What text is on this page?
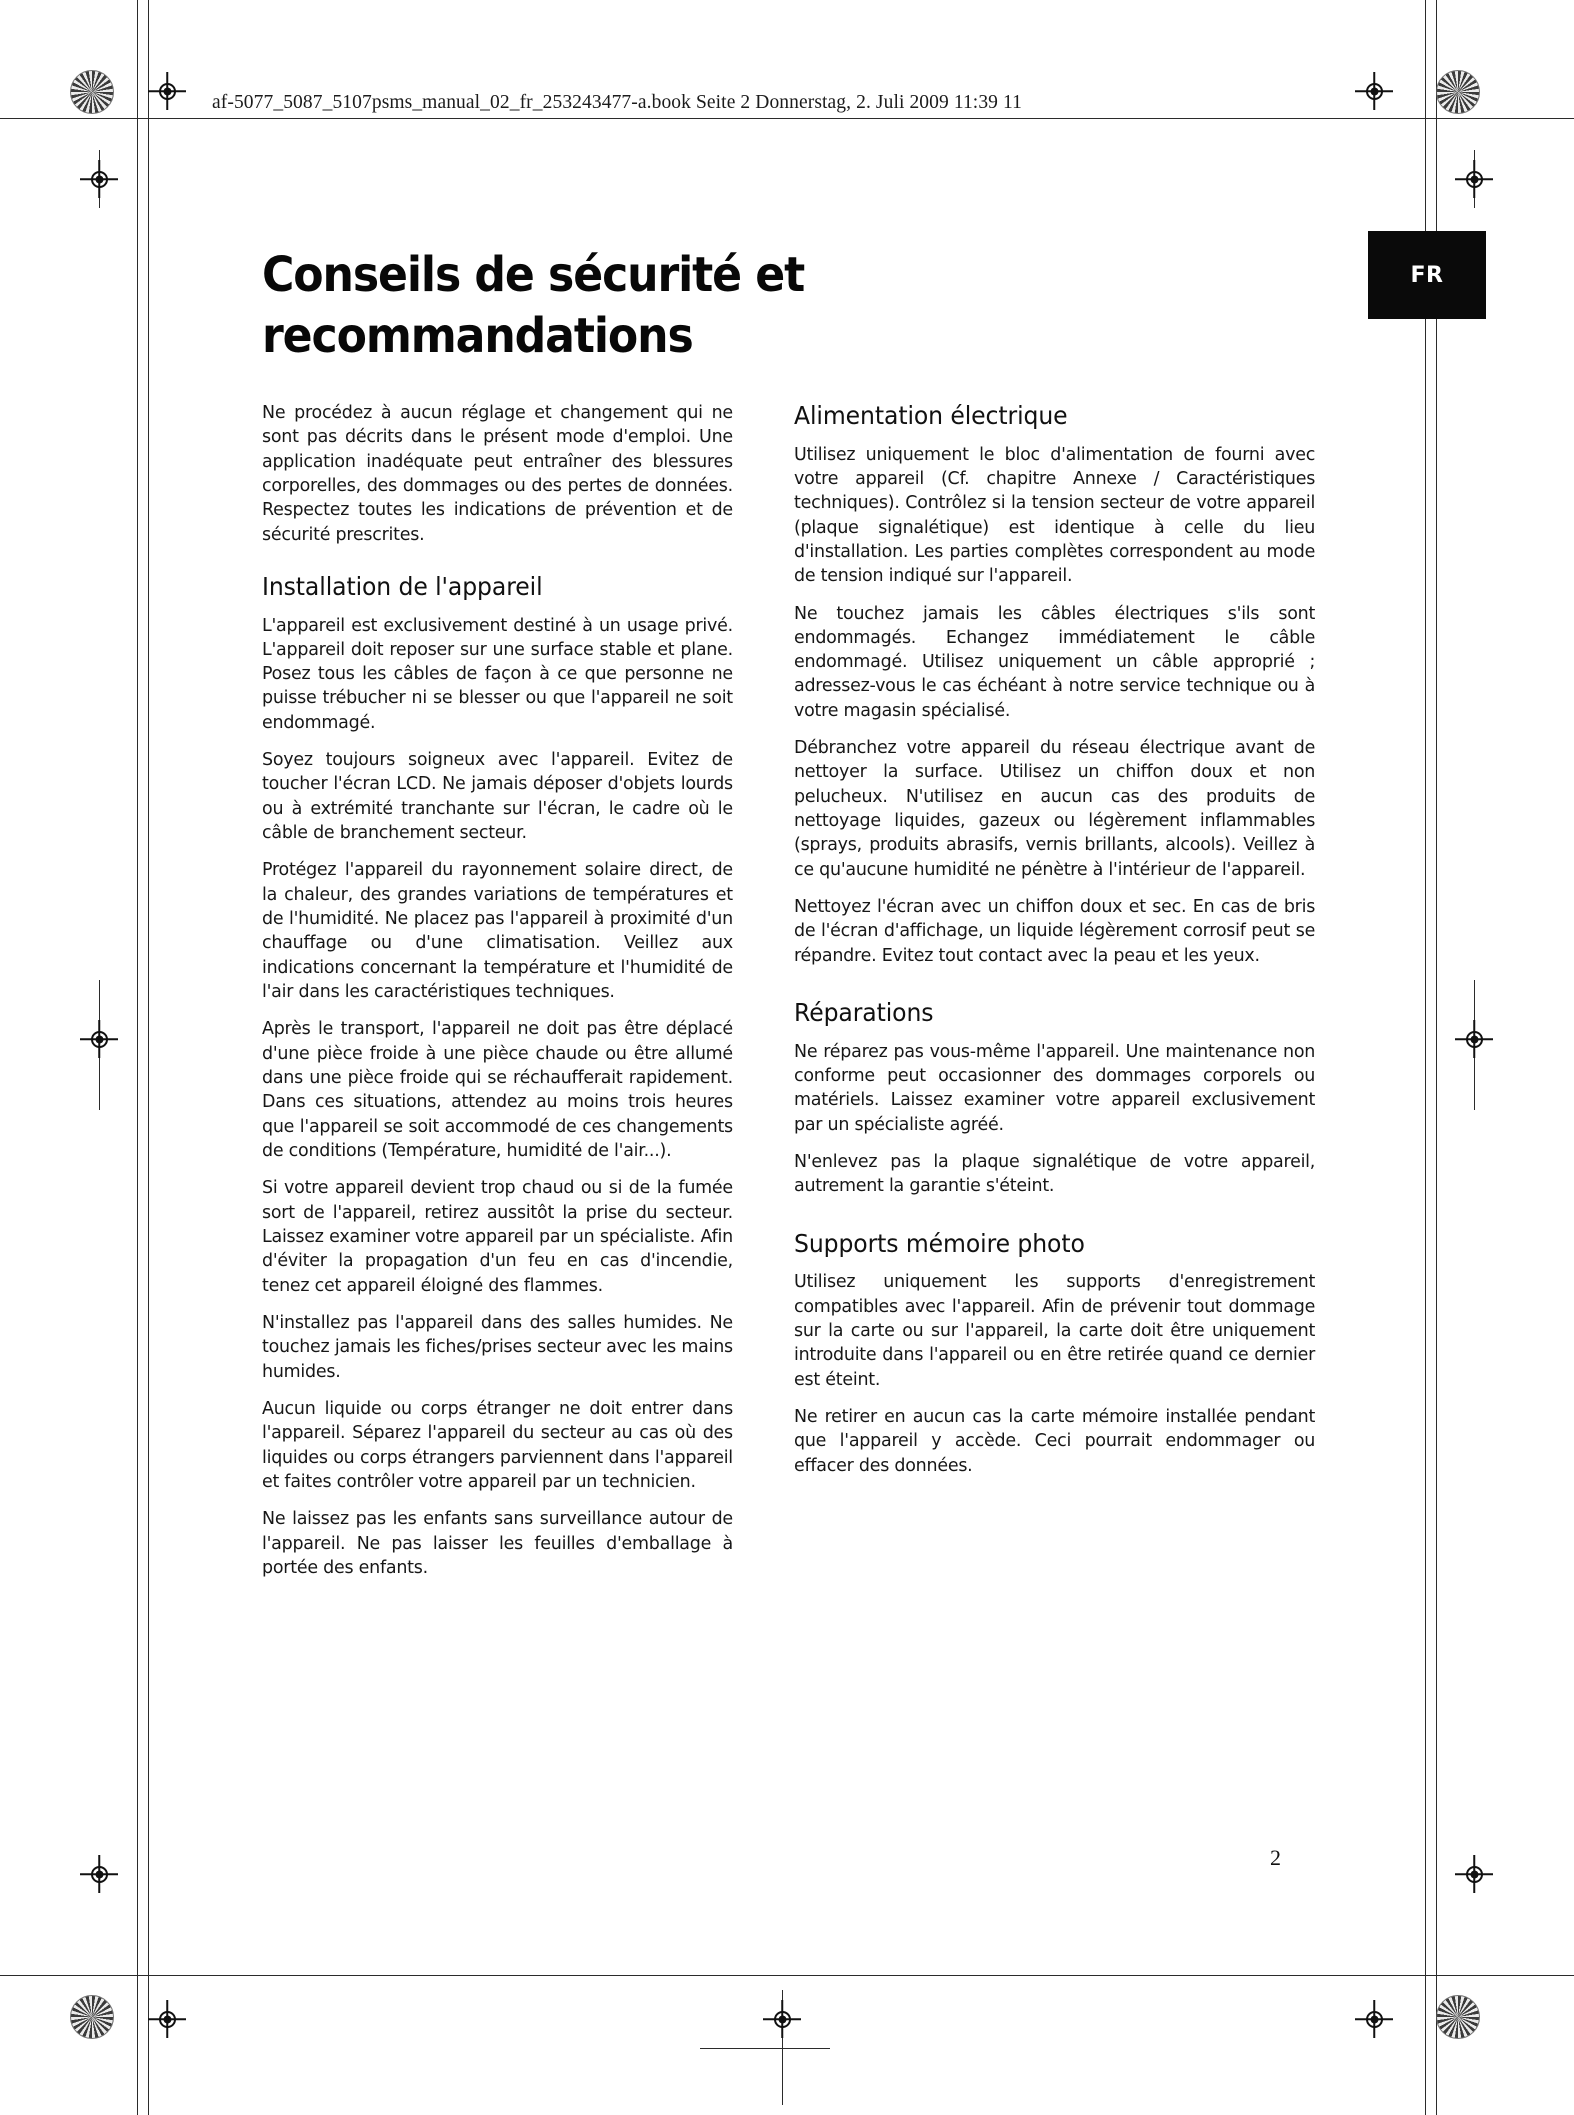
af-5077_5087_5107psms_manual_02_fr_253243477-a.book Seite 2 Donnerstag, 2. Juli 2009 11:39 11
FR
Conseils de sécurité et recommandations

Ne procédez à aucun réglage et changement qui ne sont pas décrits dans le présent mode d'emploi. Une application inadéquate peut entraîner des blessures corporelles, des dommages ou des pertes de données. Respectez toutes les indications de prévention et de sécurité prescrites.

Installation de l'appareil

L'appareil est exclusivement destiné à un usage privé. L'appareil doit reposer sur une surface stable et plane. Posez tous les câbles de façon à ce que personne ne puisse trébucher ni se blesser ou que l'appareil ne soit endommagé.

Soyez toujours soigneux avec l'appareil. Evitez de toucher l'écran LCD. Ne jamais déposer d'objets lourds ou à extrémité tranchante sur l'écran, le cadre où le câble de branchement secteur.

Protégez l'appareil du rayonnement solaire direct, de la chaleur, des grandes variations de températures et de l'humidité. Ne placez pas l'appareil à proximité d'un chauffage ou d'une climatisation. Veillez aux indications concernant la température et l'humidité de l'air dans les caractéristiques techniques.

Après le transport, l'appareil ne doit pas être déplacé d'une pièce froide à une pièce chaude ou être allumé dans une pièce froide qui se réchaufferait rapidement. Dans ces situations, attendez au moins trois heures que l'appareil se soit accommodé de ces changements de conditions (Température, humidité de l'air...).

Si votre appareil devient trop chaud ou si de la fumée sort de l'appareil, retirez aussitôt la prise du secteur. Laissez examiner votre appareil par un spécialiste. Afin d'éviter la propagation d'un feu en cas d'incendie, tenez cet appareil éloigné des flammes.

N'installez pas l'appareil dans des salles humides. Ne touchez jamais les fiches/prises secteur avec les mains humides.

Aucun liquide ou corps étranger ne doit entrer dans l'appareil. Séparez l'appareil du secteur au cas où des liquides ou corps étrangers parviennent dans l'appareil et faites contrôler votre appareil par un technicien.

Ne laissez pas les enfants sans surveillance autour de l'appareil. Ne pas laisser les feuilles d'emballage à portée des enfants.

Alimentation électrique

Utilisez uniquement le bloc d'alimentation de fourni avec votre appareil (Cf. chapitre Annexe / Caractéristiques techniques). Contrôlez si la tension secteur de votre appareil (plaque signalétique) est identique à celle du lieu d'installation. Les parties complètes correspondent au mode de tension indiqué sur l'appareil.

Ne touchez jamais les câbles électriques s'ils sont endommagés. Echangez immédiatement le câble endommagé. Utilisez uniquement un câble approprié ; adressez-vous le cas échéant à notre service technique ou à votre magasin spécialisé.

Débranchez votre appareil du réseau électrique avant de nettoyer la surface. Utilisez un chiffon doux et non pelucheux. N'utilisez en aucun cas des produits de nettoyage liquides, gazeux ou légèrement inflammables (sprays, produits abrasifs, vernis brillants, alcools). Veillez à ce qu'aucune humidité ne pénètre à l'intérieur de l'appareil.

Nettoyez l'écran avec un chiffon doux et sec. En cas de bris de l'écran d'affichage, un liquide légèrement corrosif peut se répandre. Evitez tout contact avec la peau et les yeux.

Réparations

Ne réparez pas vous-même l'appareil. Une maintenance non conforme peut occasionner des dommages corporels ou matériels. Laissez examiner votre appareil exclusivement par un spécialiste agréé.

N'enlevez pas la plaque signalétique de votre appareil, autrement la garantie s'éteint.

Supports mémoire photo

Utilisez uniquement les supports d'enregistrement compatibles avec l'appareil. Afin de prévenir tout dommage sur la carte ou sur l'appareil, la carte doit être uniquement introduite dans l'appareil ou en être retirée quand ce dernier est éteint.

Ne retirer en aucun cas la carte mémoire installée pendant que l'appareil y accède. Ceci pourrait endommager ou effacer des données.

2
